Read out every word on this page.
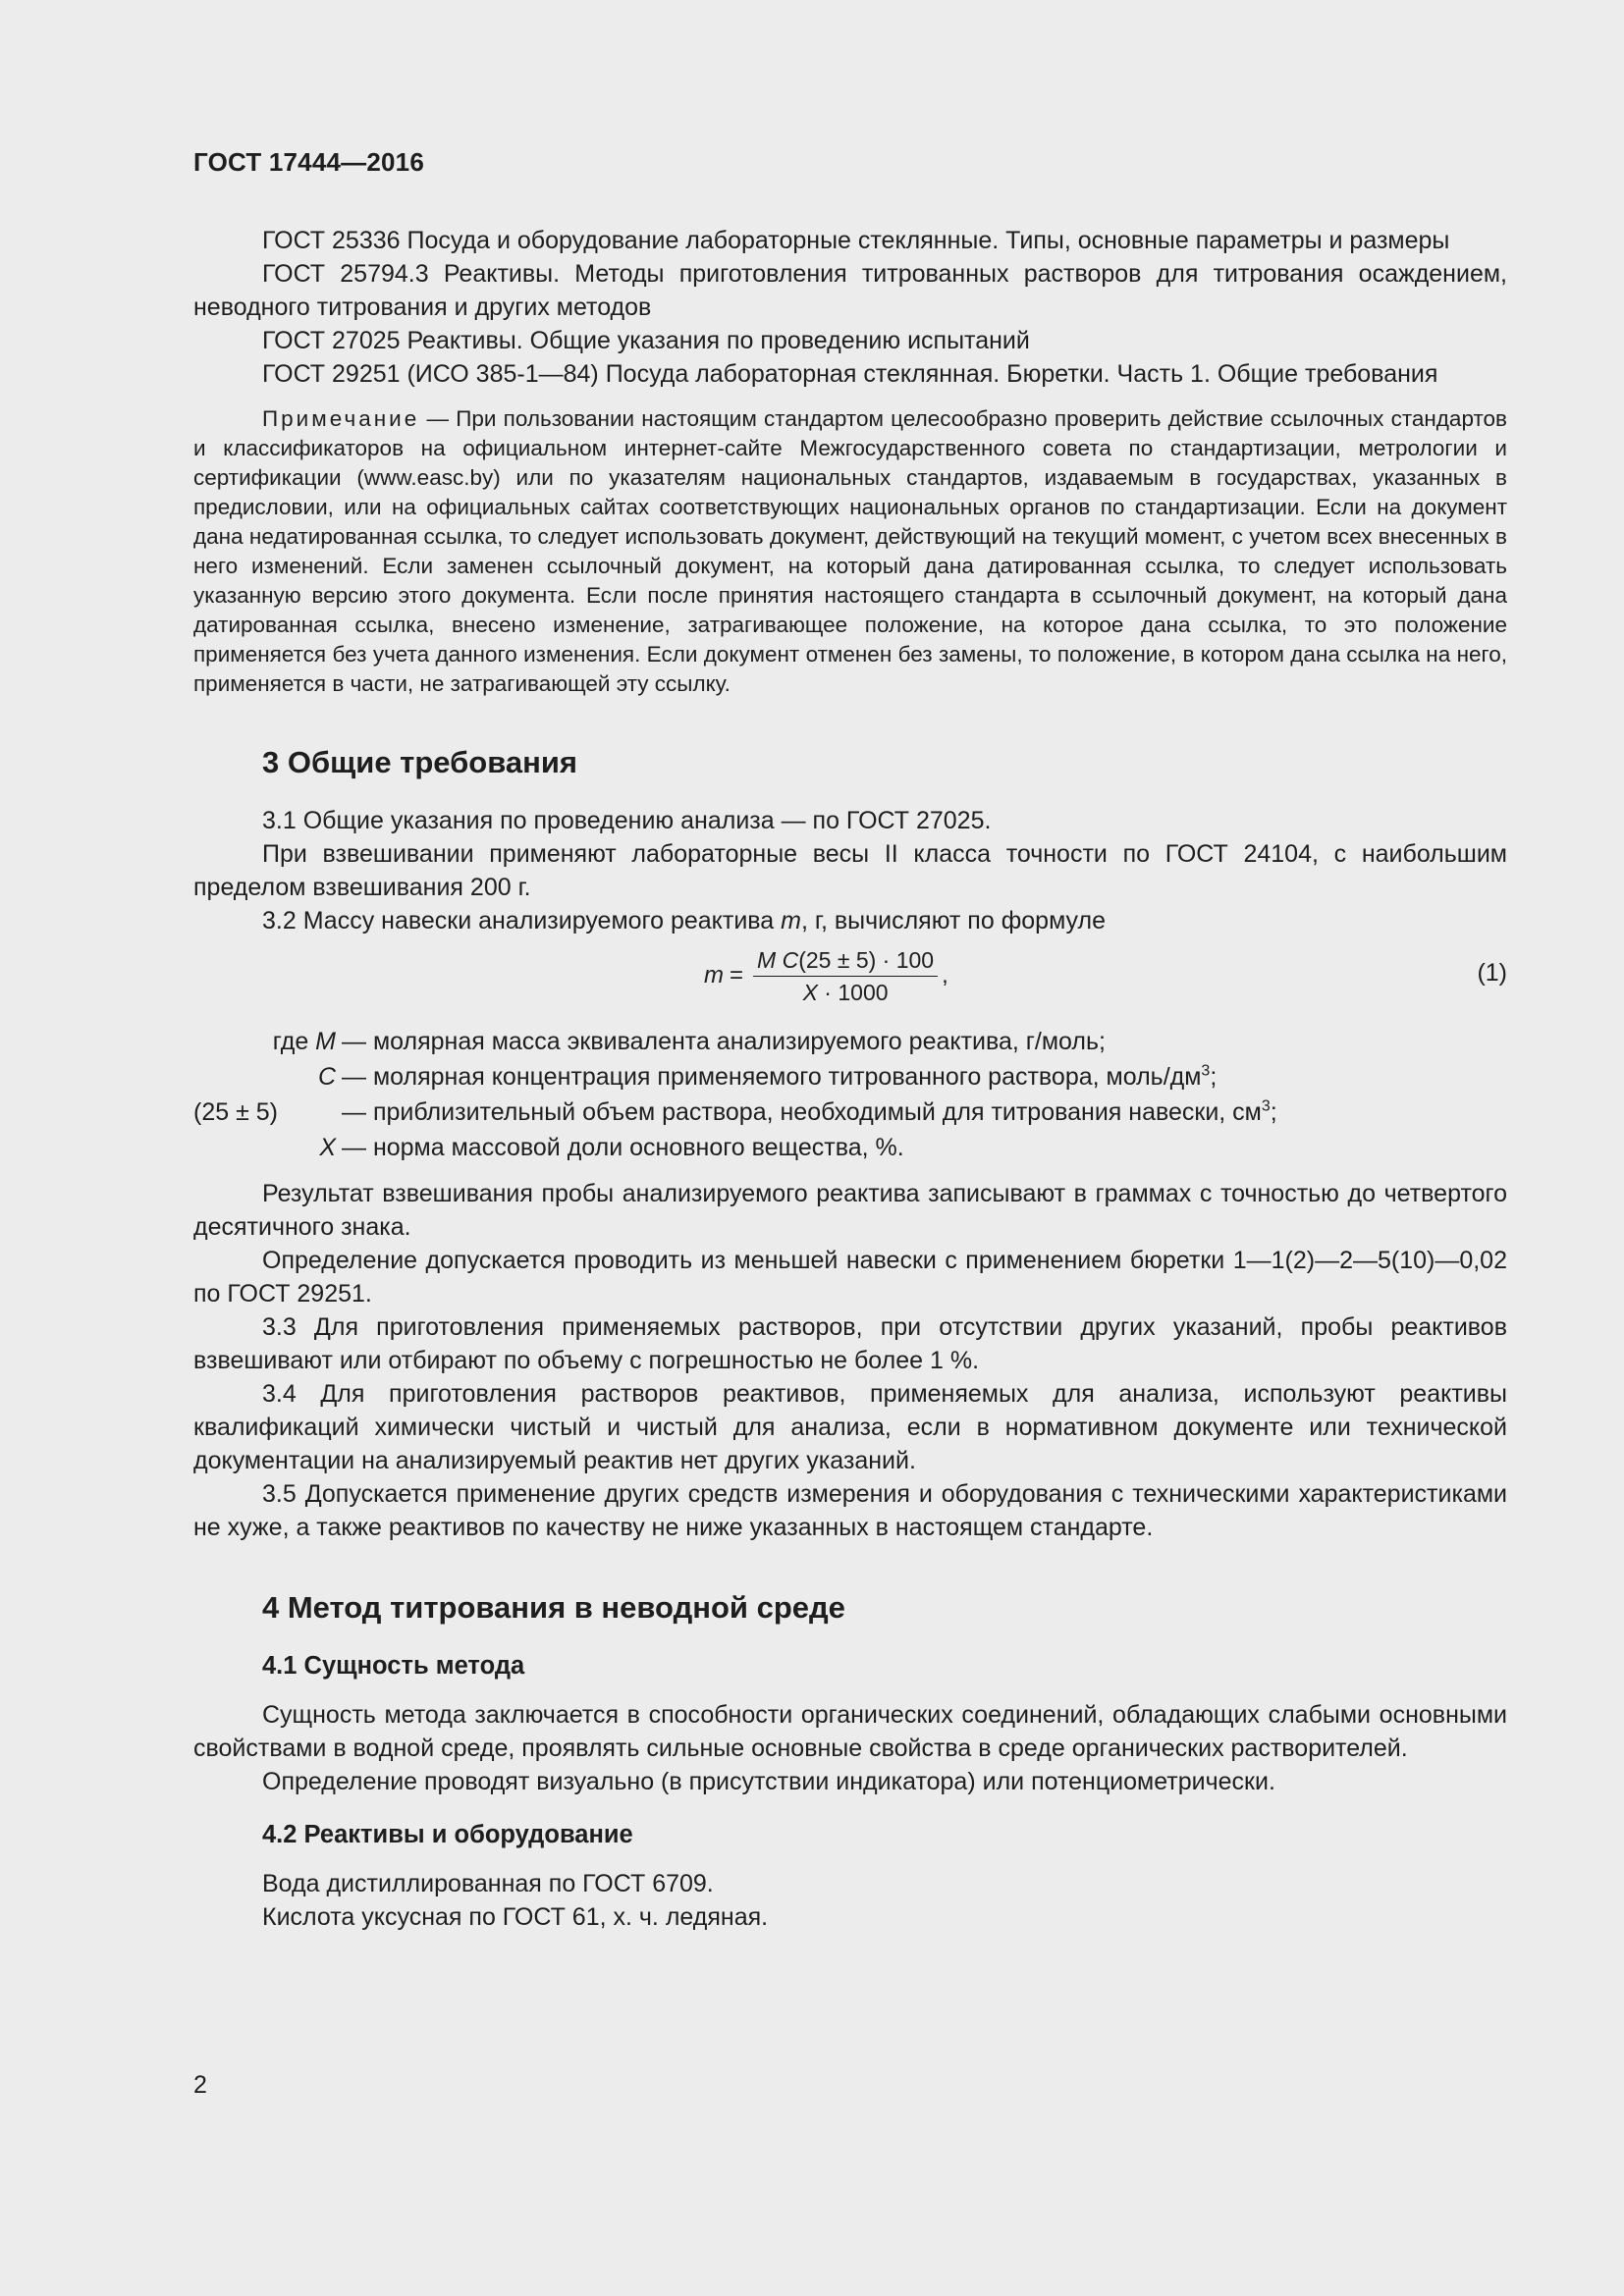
ГОСТ 17444—2016

ГОСТ 25336 Посуда и оборудование лабораторные стеклянные. Типы, основные параметры и размеры

ГОСТ 25794.3 Реактивы. Методы приготовления титрованных растворов для титрования осаждением, неводного титрования и других методов

ГОСТ 27025 Реактивы. Общие указания по проведению испытаний

ГОСТ 29251 (ИСО 385-1—84) Посуда лабораторная стеклянная. Бюретки. Часть 1. Общие требования

Примечание — При пользовании настоящим стандартом целесообразно проверить действие ссылочных стандартов и классификаторов на официальном интернет-сайте Межгосударственного совета по стандартизации, метрологии и сертификации (www.easc.by) или по указателям национальных стандартов, издаваемым в государствах, указанных в предисловии, или на официальных сайтах соответствующих национальных органов по стандартизации. Если на документ дана недатированная ссылка, то следует использовать документ, действующий на текущий момент, с учетом всех внесенных в него изменений. Если заменен ссылочный документ, на который дана датированная ссылка, то следует использовать указанную версию этого документа. Если после принятия настоящего стандарта в ссылочный документ, на который дана датированная ссылка, внесено изменение, затрагивающее положение, на которое дана ссылка, то это положение применяется без учета данного изменения. Если документ отменен без замены, то положение, в котором дана ссылка на него, применяется в части, не затрагивающей эту ссылку.

3 Общие требования

3.1 Общие указания по проведению анализа — по ГОСТ 27025.

При взвешивании применяют лабораторные весы II класса точности по ГОСТ 24104, с наибольшим пределом взвешивания 200 г.

3.2 Массу навески анализируемого реактива m, г, вычисляют по формуле

$m = \frac{\text{M C(25 ± 5) · 100}}{X \cdot 1000}$ ,	(1)
где M — молярная масса эквивалента анализируемого реактива, г/моль;
C — молярная концентрация применяемого титрованного раствора, моль/$дм^3$;
(25 ± 5)	— приблизительный объем раствора, необходимый для титрования навески, $см^3$;
X — норма массовой доли основного вещества, %.

Результат взвешивания пробы анализируемого реактива записывают в граммах с точностью до четвертого десятичного знака.

Определение допускается проводить из меньшей навески с применением бюретки 1—1(2)—2—5(10)—0,02 по ГОСТ 29251.

3.3 Для приготовления применяемых растворов, при отсутствии других указаний, пробы реактивов взвешивают или отбирают по объему с погрешностью не более 1 %.

3.4 Для приготовления растворов реактивов, применяемых для анализа, используют реактивы квалификаций химически чистый и чистый для анализа, если в нормативном документе или технической документации на анализируемый реактив нет других указаний.

3.5 Допускается применение других средств измерения и оборудования с техническими характеристиками не хуже, а также реактивов по качеству не ниже указанных в настоящем стандарте.

4 Метод титрования в неводной среде
4.1 Сущность метода

Сущность метода заключается в способности органических соединений, обладающих слабыми основными свойствами в водной среде, проявлять сильные основные свойства в среде органических растворителей.

Определение проводят визуально (в присутствии индикатора) или потенциометрически.

4.2 Реактивы и оборудование

Вода дистиллированная по ГОСТ 6709.

Кислота уксусная по ГОСТ 61, х. ч. ледяная.

2
